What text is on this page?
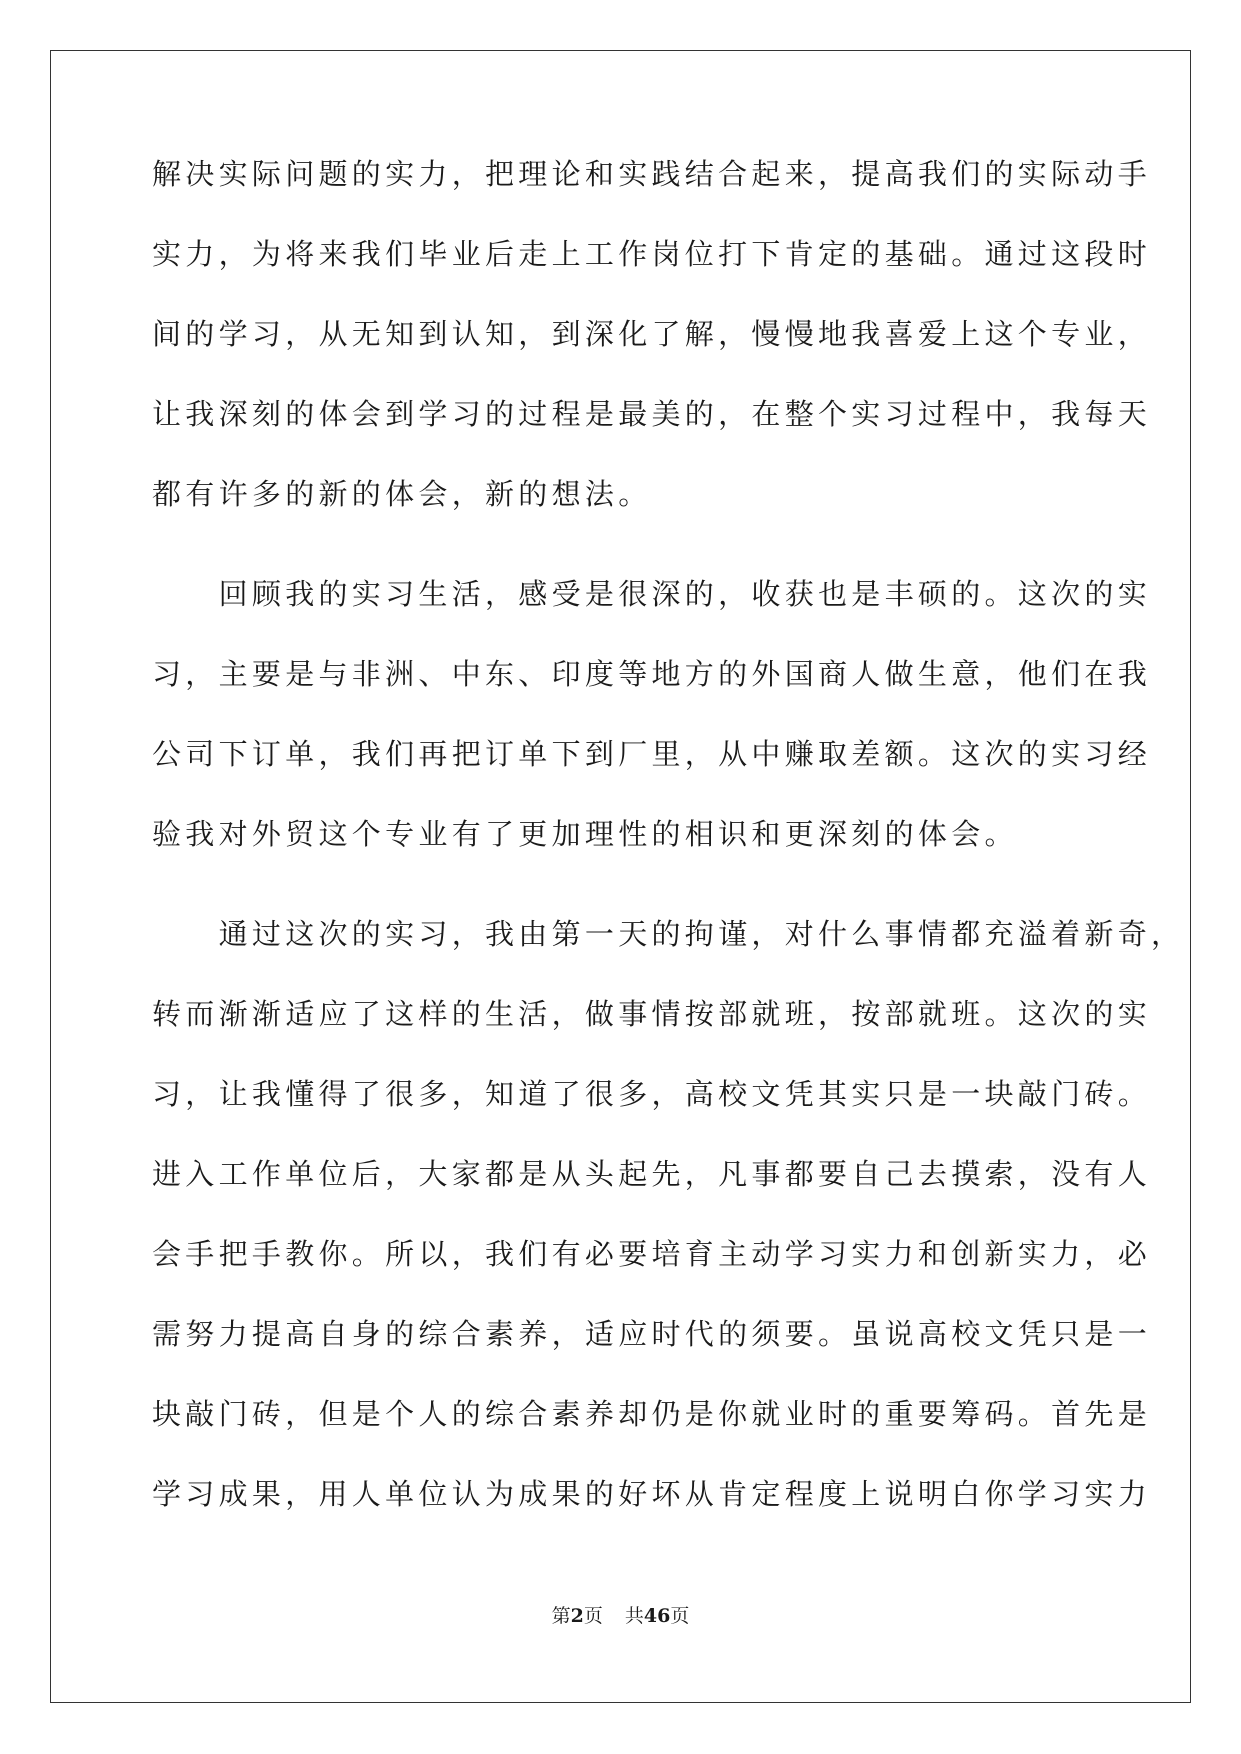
解决实际问题的实力，把理论和实践结合起来，提高我们的实际动手
实力，为将来我们毕业后走上工作岗位打下肯定的基础。通过这段时
间的学习，从无知到认知，到深化了解，慢慢地我喜爱上这个专业，
让我深刻的体会到学习的过程是最美的，在整个实习过程中，我每天
都有许多的新的体会，新的想法。
　　回顾我的实习生活，感受是很深的，收获也是丰硕的。这次的实
习，主要是与非洲、中东、印度等地方的外国商人做生意，他们在我
公司下订单，我们再把订单下到厂里，从中赚取差额。这次的实习经
验我对外贸这个专业有了更加理性的相识和更深刻的体会。
　　通过这次的实习，我由第一天的拘谨，对什么事情都充溢着新奇，
转而渐渐适应了这样的生活，做事情按部就班，按部就班。这次的实
习，让我懂得了很多，知道了很多，高校文凭其实只是一块敲门砖。
进入工作单位后，大家都是从头起先，凡事都要自己去摸索，没有人
会手把手教你。所以，我们有必要培育主动学习实力和创新实力，必
需努力提高自身的综合素养，适应时代的须要。虽说高校文凭只是一
块敲门砖，但是个人的综合素养却仍是你就业时的重要筹码。首先是
学习成果，用人单位认为成果的好坏从肯定程度上说明白你学习实力
第2页 共46页
